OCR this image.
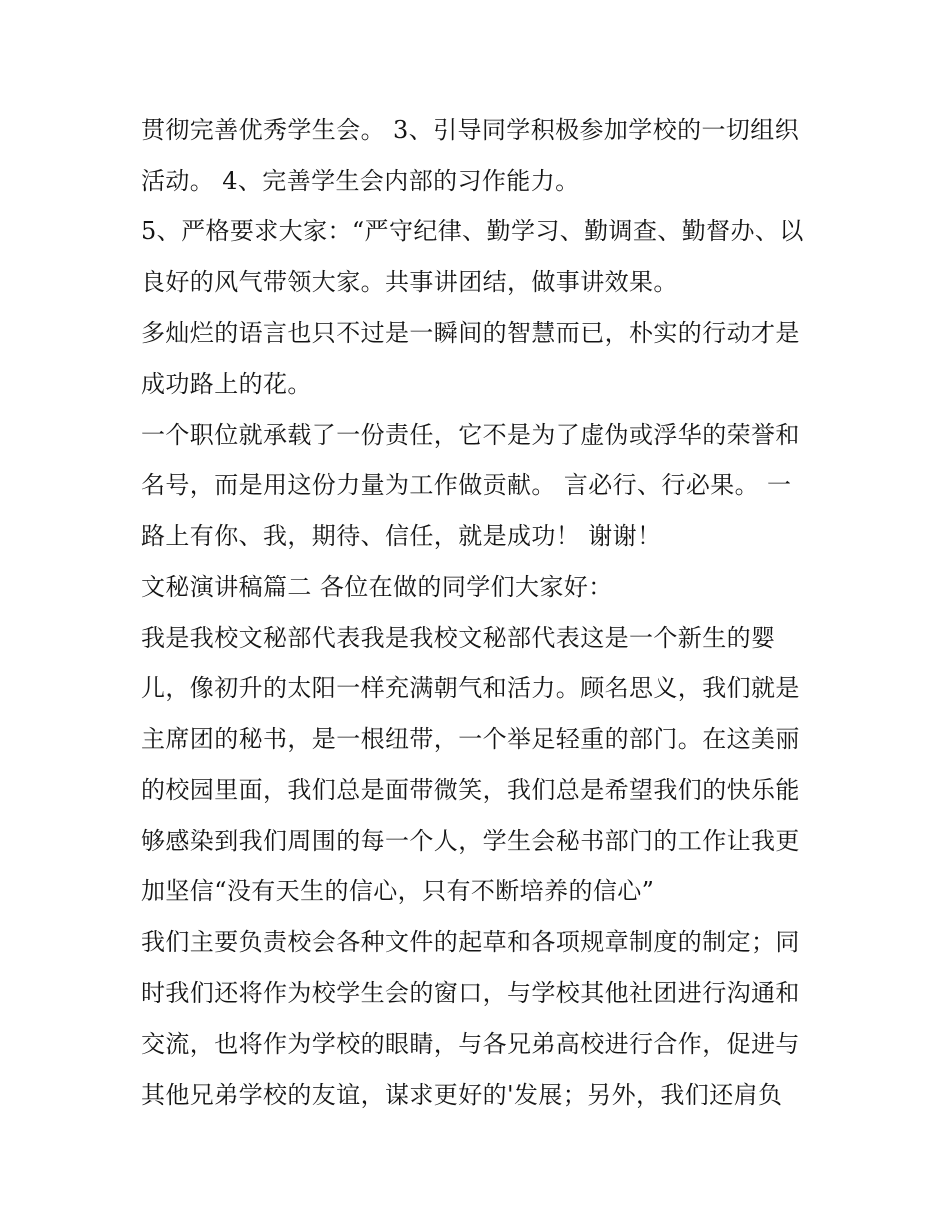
贯彻完善优秀学生会。 3、引导同学积极参加学校的一切组织
活动。 4、完善学生会内部的习作能力。
5、严格要求大家：“严守纪律、勤学习、勤调查、勤督办、以
良好的风气带领大家。共事讲团结，做事讲效果。
多灿烂的语言也只不过是一瞬间的智慧而已，朴实的行动才是
成功路上的花。
一个职位就承载了一份责任，它不是为了虚伪或浮华的荣誉和
名号，而是用这份力量为工作做贡献。 言必行、行必果。 一
路上有你、我，期待、信任，就是成功！ 谢谢！
文秘演讲稿篇二 各位在做的同学们大家好：
我是我校文秘部代表我是我校文秘部代表这是一个新生的婴
儿，像初升的太阳一样充满朝气和活力。顾名思义，我们就是
主席团的秘书，是一根纽带，一个举足轻重的部门。在这美丽
的校园里面，我们总是面带微笑，我们总是希望我们的快乐能
够感染到我们周围的每一个人，学生会秘书部门的工作让我更
加坚信“没有天生的信心，只有不断培养的信心”
我们主要负责校会各种文件的起草和各项规章制度的制定；同
时我们还将作为校学生会的窗口，与学校其他社团进行沟通和
交流，也将作为学校的眼睛，与各兄弟高校进行合作，促进与
其他兄弟学校的友谊，谋求更好的'发展；另外，我们还肩负
